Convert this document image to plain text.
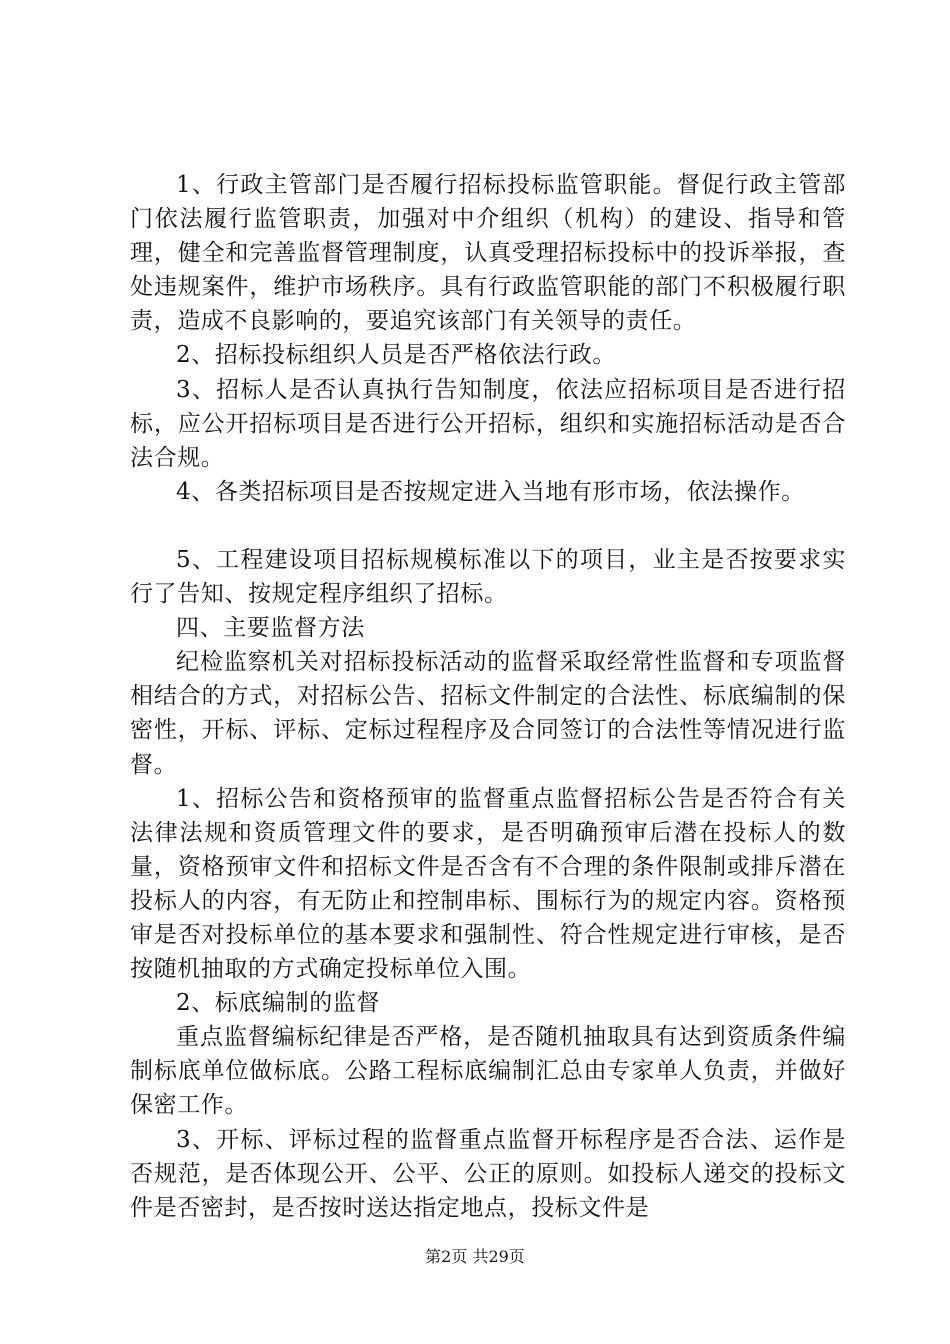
1、行政主管部门是否履行招标投标监管职能。督促行政主管部门依法履行监管职责，加强对中介组织（机构）的建设、指导和管理，健全和完善监督管理制度，认真受理招标投标中的投诉举报，查处违规案件，维护市场秩序。具有行政监管职能的部门不积极履行职责，造成不良影响的，要追究该部门有关领导的责任。

2、招标投标组织人员是否严格依法行政。

3、招标人是否认真执行告知制度，依法应招标项目是否进行招标，应公开招标项目是否进行公开招标，组织和实施招标活动是否合法合规。

4、各类招标项目是否按规定进入当地有形市场，依法操作。

5、工程建设项目招标规模标准以下的项目，业主是否按要求实行了告知、按规定程序组织了招标。

四、主要监督方法

纪检监察机关对招标投标活动的监督采取经常性监督和专项监督相结合的方式，对招标公告、招标文件制定的合法性、标底编制的保密性，开标、评标、定标过程程序及合同签订的合法性等情况进行监督。

1、招标公告和资格预审的监督重点监督招标公告是否符合有关法律法规和资质管理文件的要求，是否明确预审后潜在投标人的数量，资格预审文件和招标文件是否含有不合理的条件限制或排斥潜在投标人的内容，有无防止和控制串标、围标行为的规定内容。资格预审是否对投标单位的基本要求和强制性、符合性规定进行审核，是否按随机抽取的方式确定投标单位入围。

2、标底编制的监督

重点监督编标纪律是否严格，是否随机抽取具有达到资质条件编制标底单位做标底。公路工程标底编制汇总由专家单人负责，并做好保密工作。

3、开标、评标过程的监督重点监督开标程序是否合法、运作是否规范，是否体现公开、公平、公正的原则。如投标人递交的投标文件是否密封，是否按时送达指定地点，投标文件是

第2页 共29页
